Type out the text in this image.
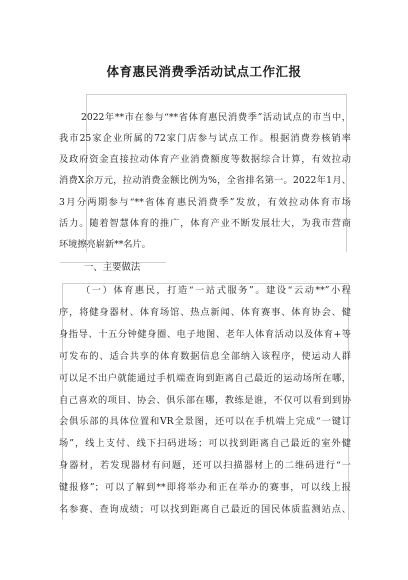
体育惠民消费季活动试点工作汇报
2022年**市在参与“**省体育惠民消费季”活动试点的市当中，
我市25家企业所属的72家门店参与试点工作。根据消费券核销率
及政府资金直接拉动体育产业消费额度等数据综合计算，有效拉动
消费X余万元，拉动消费金额比例为%，全省排名第一。2022年1月、
3月分两期参与“**省体育惠民消费季”发放，有效拉动体育市场
活力。随着智慧体育的推广，体育产业不断发展壮大，为我市营商
环境擦亮崭新**名片。
一、主要做法
（一）体育惠民，打造“一站式服务”。建设“云动**”小程
序，将健身器材、体育场馆、热点新闻、体育赛事、体育协会、健
身指导、十五分钟健身圈、电子地图、老年人体育活动以及体育+等
可发布的、适合共享的体育数据信息全部纳入该程序，使运动人群
可以足不出户就能通过手机端查询到距离自己最近的运动场所在哪，
自己喜欢的项目、协会、俱乐部在哪，教练是谁，不仅可以看到到协
会俱乐部的具体位置和VR全景图，还可以在手机端上完成“一键订
场”，线上支付、线下扫码进场；可以找到距离自己最近的室外健
身器材，若发现器材有问题，还可以扫描器材上的二维码进行“一
键报修”；可以了解到**即将举办和正在举办的赛事，可以线上报
名参赛、查询成绩；可以找到距离自己最近的国民体质监测站点、
